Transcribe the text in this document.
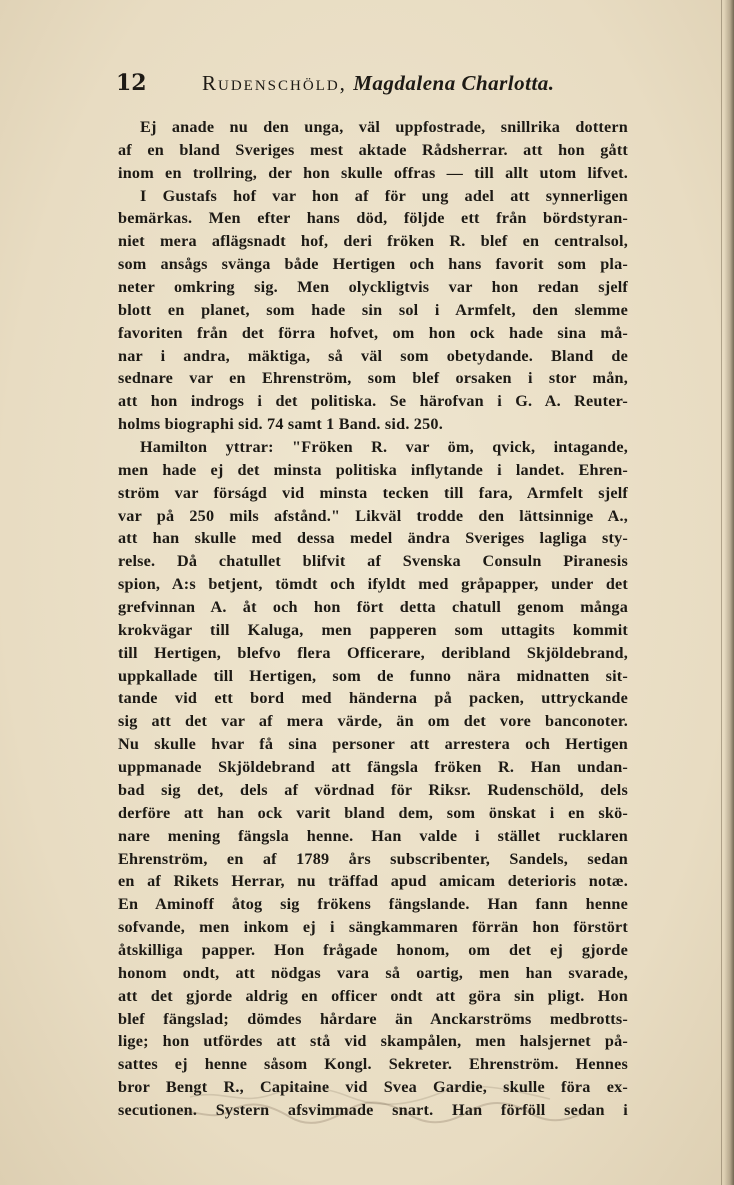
12	Rudenschöld, Magdalena Charlotta.
Ej anade nu den unga, väl uppfostrade, snillrika dottern
af en bland Sveriges mest aktade Rådsherrar. att hon gått
inom en trollring, der hon skulle offras — till allt utom lifvet.
I Gustafs hof var hon af för ung adel att synnerligen
bemärkas. Men efter hans död, följde ett från bördstyran-
niet mera aflägsnadt hof, deri fröken R. blef en centralsol,
som ansågs svänga både Hertigen och hans favorit som pla-
neter omkring sig. Men olyckligtvis var hon redan sjelf
blott en planet, som hade sin sol i Armfelt, den slemme
favoriten från det förra hofvet, om hon ock hade sina må-
nar i andra, mäktiga, så väl som obetydande. Bland de
sednare var en Ehrenström, som blef orsaken i stor mån,
att hon indrogs i det politiska. Se härofvan i G. A. Reuter-
holms biographi sid. 74 samt 1 Band. sid. 250.
Hamilton yttrar: "Fröken R. var öm, qvick, intagande,
men hade ej det minsta politiska inflytande i landet. Ehren-
ström var förságd vid minsta tecken till fara, Armfelt sjelf
var på 250 mils afstånd." Likväl trodde den lättsinnige A.,
att han skulle med dessa medel ändra Sveriges lagliga sty-
relse. Då chatullet blifvit af Svenska Consuln Piranesis
spion, A:s betjent, tömdt och ifyldt med gråpapper, under det
grefvinnan A. åt och hon fört detta chatull genom många
krokvägar till Kaluga, men papperen som uttagits kommit
till Hertigen, blefvo flera Officerare, deribland Skjöldebrand,
uppkallade till Hertigen, som de funno nära midnatten sit-
tande vid ett bord med händerna på packen, uttryckande
sig att det var af mera värde, än om det vore banconoter.
Nu skulle hvar få sina personer att arrestera och Hertigen
uppmanade Skjöldebrand att fängsla fröken R. Han undan-
bad sig det, dels af vördnad för Riksr. Rudenschöld, dels
derföre att han ock varit bland dem, som önskat i en skö-
nare mening fängsla henne. Han valde i stället rucklaren
Ehrenström, en af 1789 års subscribenter, Sandels, sedan
en af Rikets Herrar, nu träffad apud amicam deterioris notæ.
En Aminoff åtog sig frökens fängslande. Han fann henne
sofvande, men inkom ej i sängkammaren förrän hon förstört
åtskilliga papper. Hon frågade honom, om det ej gjorde
honom ondt, att nödgas vara så oartig, men han svarade,
att det gjorde aldrig en officer ondt att göra sin pligt. Hon
blef fängslad; dömdes hårdare än Anckarströms medbrotts-
lige; hon utfördes att stå vid skampålen, men halsjernet på-
sattes ej henne såsom Kongl. Sekreter. Ehrenström. Hennes
bror Bengt R., Capitaine vid Svea Gardie, skulle föra ex-
secutionen. Systern afsvimmade snart. Han förföll sedan i
